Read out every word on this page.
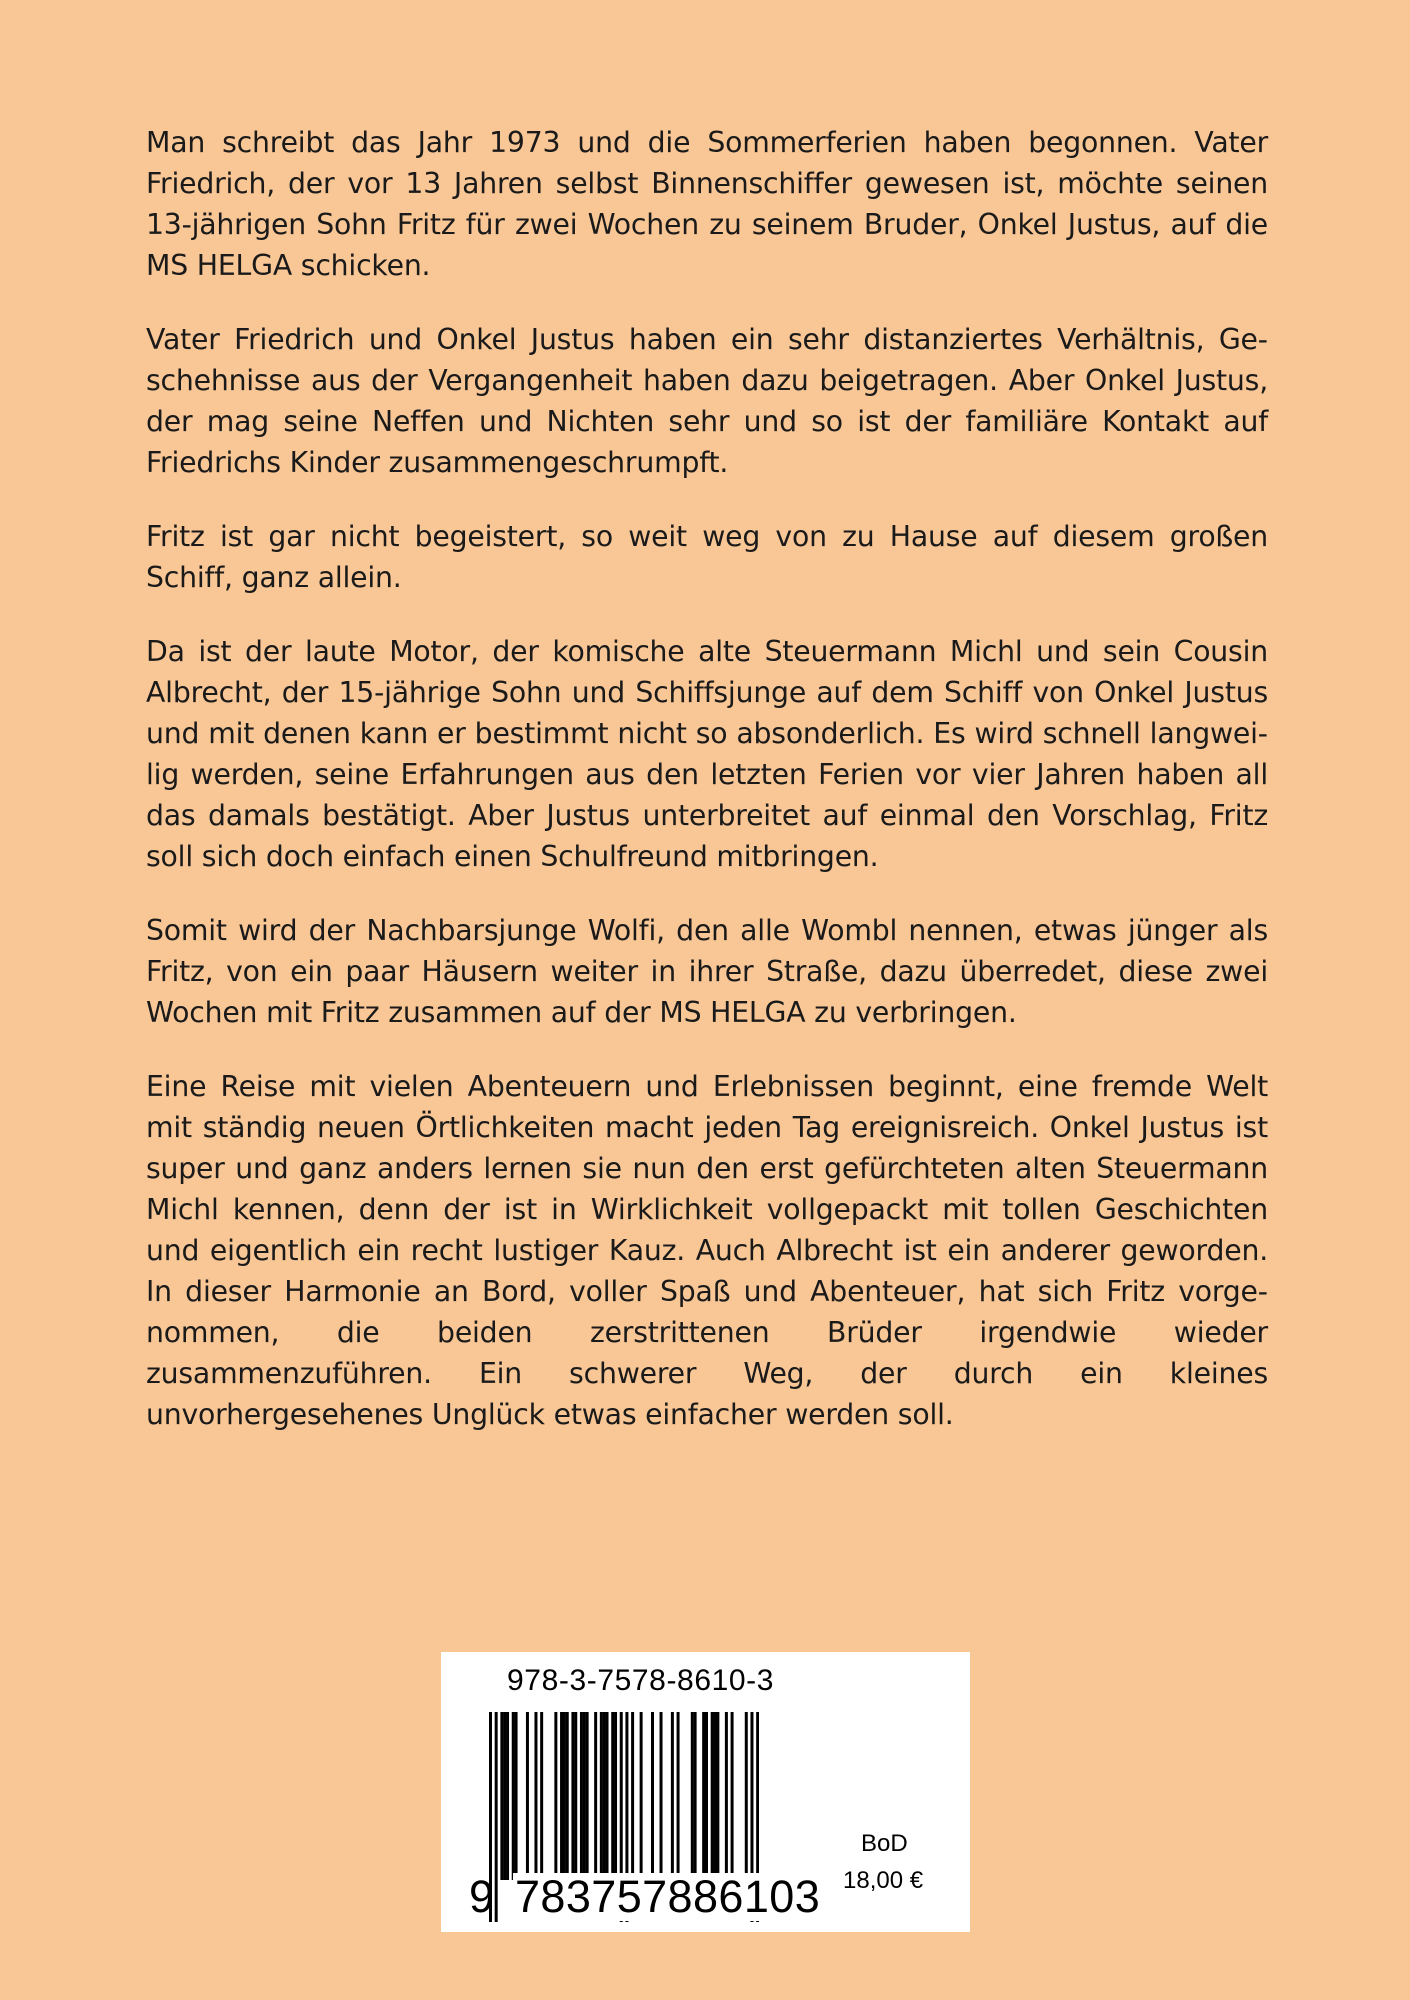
Man schreibt das Jahr 1973 und die Sommerferien haben begonnen. Vater Friedrich, der vor 13 Jahren selbst Binnenschiffer gewesen ist, möchte seinen 13-jährigen Sohn Fritz für zwei Wochen zu seinem Bruder, Onkel Justus, auf die MS HELGA schicken.

Vater Friedrich und Onkel Justus haben ein sehr distanziertes Verhältnis, Geschehnisse aus der Vergangenheit haben dazu beigetragen. Aber Onkel Justus, der mag seine Neffen und Nichten sehr und so ist der familiäre Kontakt auf Friedrichs Kinder zusammengeschrumpft.

Fritz ist gar nicht begeistert, so weit weg von zu Hause auf diesem großen Schiff, ganz allein.

Da ist der laute Motor, der komische alte Steuermann Michl und sein Cousin Albrecht, der 15-jährige Sohn und Schiffsjunge auf dem Schiff von Onkel Justus und mit denen kann er bestimmt nicht so absonderlich. Es wird schnell langweilig werden, seine Erfahrungen aus den letzten Ferien vor vier Jahren haben all das damals bestätigt. Aber Justus unterbreitet auf einmal den Vorschlag, Fritz soll sich doch einfach einen Schulfreund mitbringen.

Somit wird der Nachbarsjunge Wolfi, den alle Wombl nennen, etwas jünger als Fritz, von ein paar Häusern weiter in ihrer Straße, dazu überredet, diese zwei Wochen mit Fritz zusammen auf der MS HELGA zu verbringen.

Eine Reise mit vielen Abenteuern und Erlebnissen beginnt, eine fremde Welt mit ständig neuen Örtlichkeiten macht jeden Tag ereignisreich. Onkel Justus ist super und ganz anders lernen sie nun den erst gefürchteten alten Steuermann Michl kennen, denn der ist in Wirklichkeit vollgepackt mit tollen Geschichten und eigentlich ein recht lustiger Kauz. Auch Albrecht ist ein anderer geworden. In dieser Harmonie an Bord, voller Spaß und Abenteuer, hat sich Fritz vorgenommen, die beiden zerstrittenen Brüder irgendwie wieder zusammenzuführen. Ein schwerer Weg, der durch ein kleines unvorhergesehenes Unglück etwas einfacher werden soll.

978-3-7578-8610-3
9 783757886103
BoD
18,00 €
